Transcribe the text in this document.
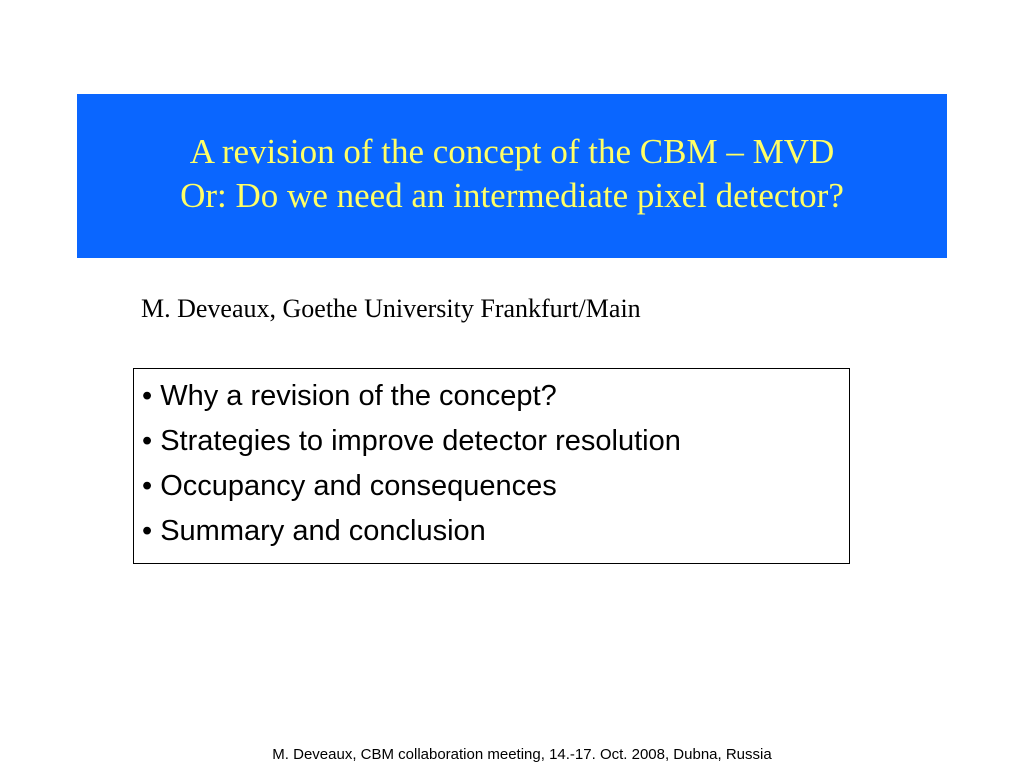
A revision of the concept of the CBM – MVD
Or: Do we need an intermediate pixel detector?
M. Deveaux, Goethe University Frankfurt/Main
• Why a revision of the concept?
• Strategies to improve detector resolution
• Occupancy and consequences
• Summary and conclusion
M. Deveaux, CBM collaboration meeting, 14.-17. Oct. 2008, Dubna, Russia
